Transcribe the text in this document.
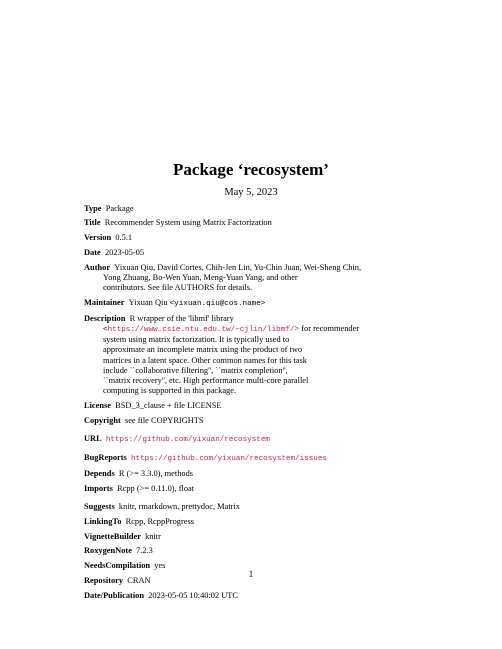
Package ‘recosystem’
May 5, 2023
Type Package
Title Recommender System using Matrix Factorization
Version 0.5.1
Date 2023-05-05
Author Yixuan Qiu, David Cortes, Chih-Jen Lin, Yu-Chin Juan, Wei-Sheng Chin,
Yong Zhuang, Bo-Wen Yuan, Meng-Yuan Yang, and other
contributors. See file AUTHORS for details.
Maintainer Yixuan Qiu <yixuan.qiu@cos.name>
Description R wrapper of the 'libmf' library
<https://www.csie.ntu.edu.tw/~cjlin/libmf/> for recommender
system using matrix factorization. It is typically used to
approximate an incomplete matrix using the product of two
matrices in a latent space. Other common names for this task
include ``collaborative filtering'', ``matrix completion'',
``matrix recovery'', etc. High performance multi-core parallel
computing is supported in this package.
License BSD_3_clause + file LICENSE
Copyright see file COPYRIGHTS
URL https://github.com/yixuan/recosystem
BugReports https://github.com/yixuan/recosystem/issues
Depends R (>= 3.3.0), methods
Imports Rcpp (>= 0.11.0), float
Suggests knitr, rmarkdown, prettydoc, Matrix
LinkingTo Rcpp, RcppProgress
VignetteBuilder knitr
RoxygenNote 7.2.3
NeedsCompilation yes
Repository CRAN
Date/Publication 2023-05-05 10:40:02 UTC
1
